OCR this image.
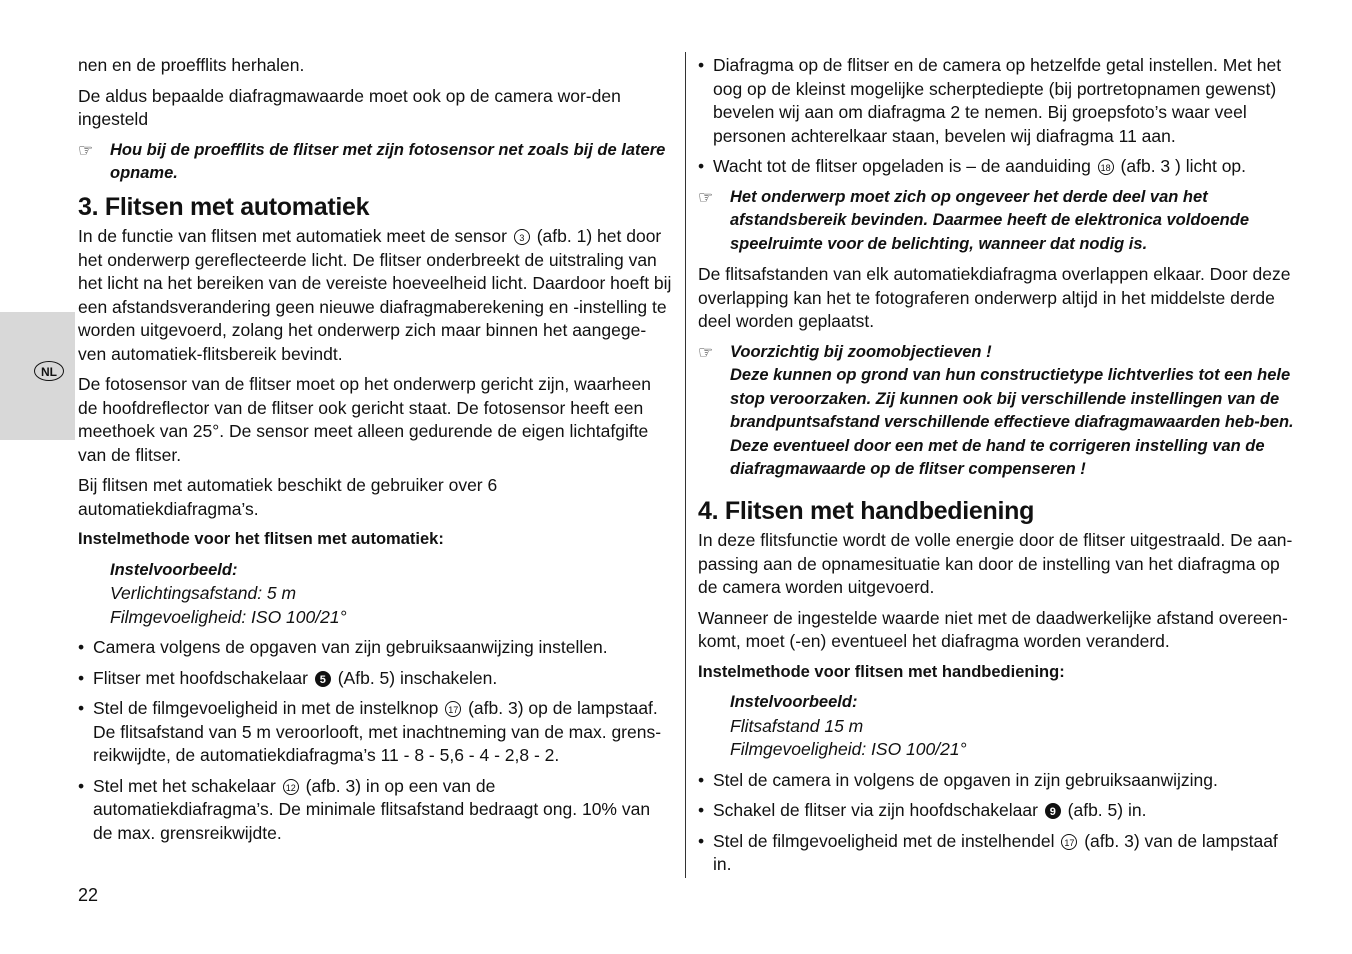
NL

nen en de proefflits herhalen.

De aldus bepaalde diafragmawaarde moet ook op de camera wor-den ingesteld

☞	Hou bij de proefflits de flitser met zijn fotosensor net zoals bij de latere opname.
3. Flitsen met automatiek

In de functie van flitsen met automatiek meet de sensor 3 (afb. 1) het door het onderwerp gereflecteerde licht. De flitser onderbreekt de uitstraling van het licht na het bereiken van de vereiste hoeveelheid licht. Daardoor hoeft bij een afstandsverandering geen nieuwe diafragmaberekening en -instelling te worden uitgevoerd, zolang het onderwerp zich maar binnen het aangege-ven automatiek-flitsbereik bevindt.

De fotosensor van de flitser moet op het onderwerp gericht zijn, waarheen de hoofdreflector van de flitser ook gericht staat. De fotosensor heeft een meethoek van 25°. De sensor meet alleen gedurende de eigen lichtafgifte van de flitser.

Bij flitsen met automatiek beschikt de gebruiker over 6 automatiekdiafragma’s.

Instelmethode voor het flitsen met automatiek:

Instelvoorbeeld:
Verlichtingsafstand: 5 m
Filmgevoeligheid: ISO 100/21°
• Camera volgens de opgaven van zijn gebruiksaanwijzing instellen.
• Flitser met hoofdschakelaar 5 (Afb. 5) inschakelen.
• Stel de filmgevoeligheid in met de instelknop 17 (afb. 3) op de lampstaaf. De flitsafstand van 5 m veroorlooft, met inachtneming van de max. grens-reikwijdte, de automatiekdiafragma’s 11 - 8 - 5,6 - 4 - 2,8 - 2.
• Stel met het schakelaar 12 (afb. 3) in op een van de automatiekdiafragma’s. De minimale flitsafstand bedraagt ong. 10% van de max. grensreikwijdte.
• Diafragma op de flitser en de camera op hetzelfde getal instellen. Met het oog op de kleinst mogelijke scherptediepte (bij portretopnamen gewenst) bevelen wij aan om diafragma 2 te nemen. Bij groepsfoto’s waar veel personen achterelkaar staan, bevelen wij diafragma 11 aan.
• Wacht tot de flitser opgeladen is – de aanduiding 18 (afb. 3 ) licht op.
☞	Het onderwerp moet zich op ongeveer het derde deel van het afstandsbereik bevinden. Daarmee heeft de elektronica voldoende speelruimte voor de belichting, wanneer dat nodig is.

De flitsafstanden van elk automatiekdiafragma overlappen elkaar. Door deze overlapping kan het te fotograferen onderwerp altijd in het middelste derde deel worden geplaatst.

☞	Voorzichtig bij zoomobjectieven !
Deze kunnen op grond van hun constructietype lichtverlies tot een hele stop veroorzaken. Zij kunnen ook bij verschillende instellingen van de brandpuntsafstand verschillende effectieve diafragmawaarden heb-ben. Deze eventueel door een met de hand te corrigeren instelling van de diafragmawaarde op de flitser compenseren !
4. Flitsen met handbediening

In deze flitsfunctie wordt de volle energie door de flitser uitgestraald. De aan-passing aan de opnamesituatie kan door de instelling van het diafragma op de camera worden uitgevoerd.

Wanneer de ingestelde waarde niet met de daadwerkelijke afstand overeen-komt, moet (-en) eventueel het diafragma worden veranderd.

Instelmethode voor flitsen met handbediening:

Instelvoorbeeld:
Flitsafstand 15 m
Filmgevoeligheid: ISO 100/21°
• Stel de camera in volgens de opgaven in zijn gebruiksaanwijzing.
• Schakel de flitser via zijn hoofdschakelaar 9 (afb. 5) in.
• Stel de filmgevoeligheid met de instelhendel 17 (afb. 3) van de lampstaaf in.
22
